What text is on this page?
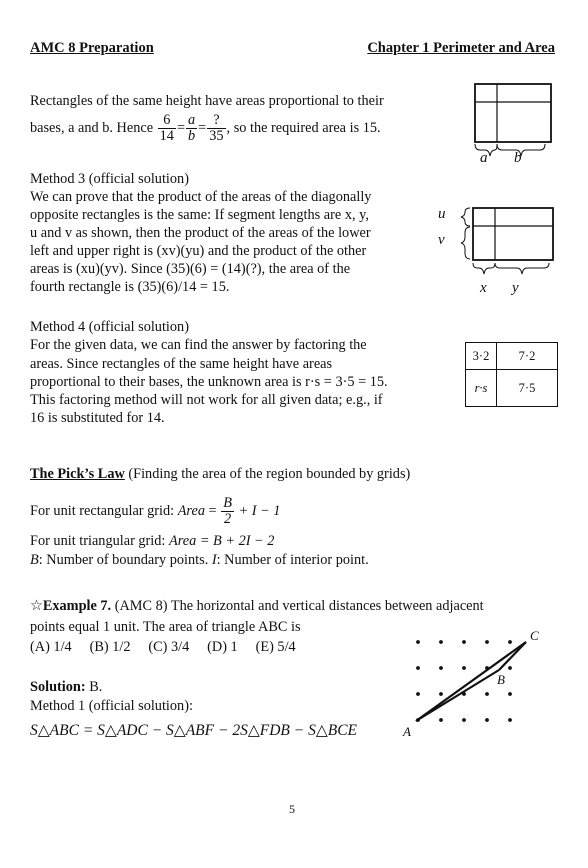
AMC 8 Preparation	Chapter 1 Perimeter and Area
Rectangles of the same height have areas proportional to their
bases, a and b. Hence $\frac{6}{14} = \frac{a}{b} = \frac{?}{35}$ , so the required area is 15.
a b
Method 3 (official solution)
We can prove that the product of the areas of the diagonally
opposite rectangles is the same: If segment lengths are x, y,
u and v as shown, then the product of the areas of the lower
left and upper right is (xv)(yu) and the product of the other
areas is (xu)(yv). Since (35)(6) = (14)(?), the area of the
fourth rectangle is (35)(6)/14 = 15.
u
v
x y
Method 4 (official solution)
For the given data, we can find the answer by factoring the
areas. Since rectangles of the same height have areas
proportional to their bases, the unknown area is r·s = 3·5 = 15.
This factoring method will not work for all given data; e.g., if
16 is substituted for 14.
3·2	7·2
r·s	7·5
The Pick’s Law (Finding the area of the region bounded by grids)
For unit rectangular grid: Area = $\frac{B}{2} + I - 1$
For unit triangular grid: Area = B + 2I − 2
B: Number of boundary points. I: Number of interior point.
☆Example 7. (AMC 8) The horizontal and vertical distances between adjacent
points equal 1 unit. The area of triangle ABC is
(A) 1/4 (B) 1/2 (C) 3/4 (D) 1 (E) 5/4
Solution: B.
Method 1 (official solution):
S△ABC = S△ADC − S△ABF − 2S△FDB − S△BCE
C
B
A
5
